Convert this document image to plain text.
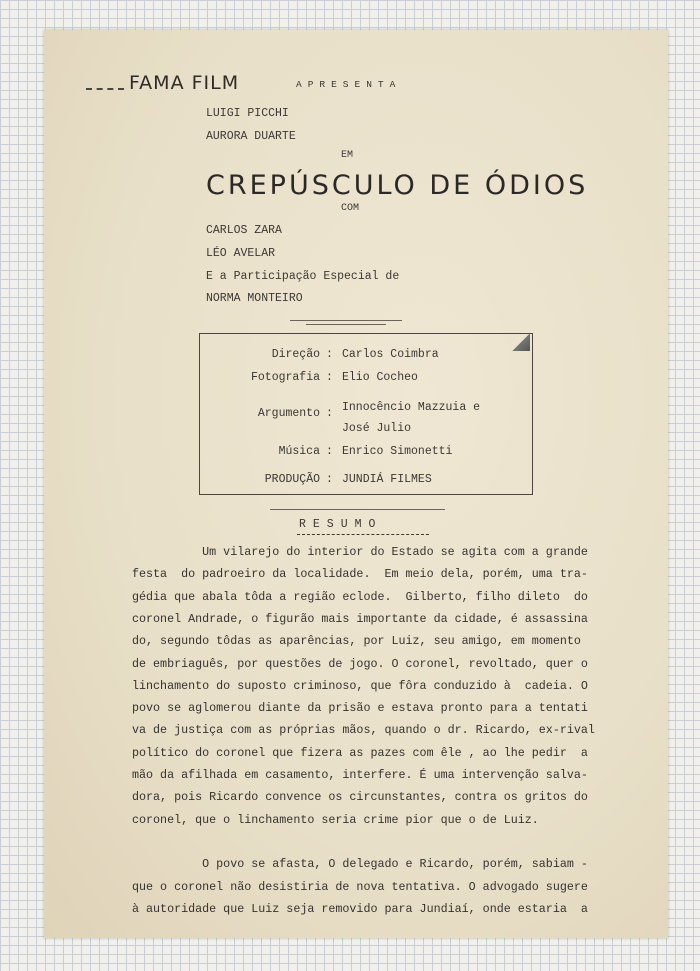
FAMA FILM	APRESENTA
LUIGI PICCHI
AURORA DUARTE
EM
CREPÚSCULO DE ÓDIOS
COM
CARLOS ZARA
LÉO AVELAR
E a Participação Especial de
NORMA MONTEIRO
Direção : Carlos Coimbra
Fotografia : Elio Cocheo
Argumento : Innocêncio Mazzuia e
José Julio
Música : Enrico Simonetti
PRODUÇÃO : JUNDIÁ FILMES
RESUMO
Um vilarejo do interior do Estado se agita com a grande
festa  do padroeiro da localidade.  Em meio dela, porém, uma tra-
gédia que abala tôda a região eclode.  Gilberto, filho dileto  do
coronel Andrade, o figurão mais importante da cidade, é assassina
do, segundo tôdas as aparências, por Luiz, seu amigo, em momento
de embriaguês, por questões de jogo. O coronel, revoltado, quer o
linchamento do suposto criminoso, que fôra conduzido à  cadeia. O
povo se aglomerou diante da prisão e estava pronto para a tentati
va de justiça com as próprias mãos, quando o dr. Ricardo, ex-rival
político do coronel que fizera as pazes com êle , ao lhe pedir  a
mão da afilhada em casamento, interfere. É uma intervenção salva-
dora, pois Ricardo convence os circunstantes, contra os gritos do
coronel, que o linchamento seria crime pior que o de Luiz.
O povo se afasta, O delegado e Ricardo, porém, sabiam -
que o coronel não desistiria de nova tentativa. O advogado sugere
à autoridade que Luiz seja removido para Jundiaí, onde estaria  a
